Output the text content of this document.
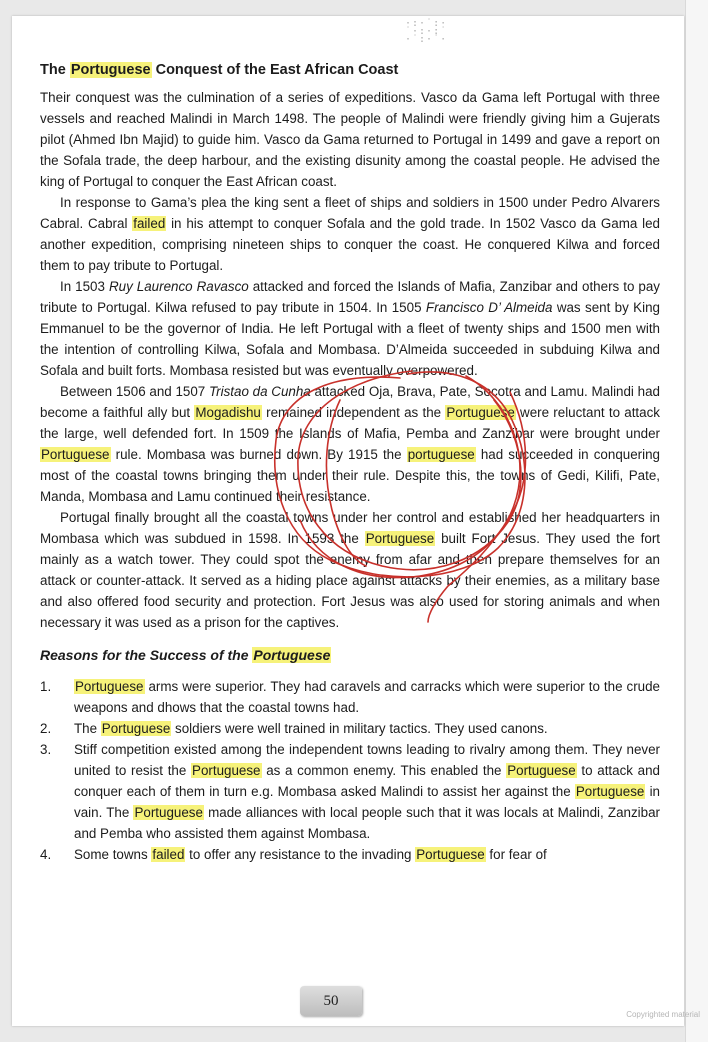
·:·˙:·
˙·:·:˙
·˙:·˙·
The Portuguese Conquest of the East African Coast

Their conquest was the culmination of a series of expeditions. Vasco da Gama left Portugal with three vessels and reached Malindi in March 1498. The people of Malindi were friendly giving him a Gujerats pilot (Ahmed Ibn Majid) to guide him. Vasco da Gama returned to Portugal in 1499 and gave a report on the Sofala trade, the deep harbour, and the existing disunity among the coastal people. He advised the king of Portugal to conquer the East African coast.

In response to Gama’s plea the king sent a fleet of ships and soldiers in 1500 under Pedro Alvarers Cabral. Cabral failed in his attempt to conquer Sofala and the gold trade. In 1502 Vasco da Gama led another expedition, comprising nineteen ships to conquer the coast. He conquered Kilwa and forced them to pay tribute to Portugal.

In 1503 Ruy Laurenco Ravasco attacked and forced the Islands of Mafia, Zanzibar and others to pay tribute to Portugal. Kilwa refused to pay tribute in 1504. In 1505 Francisco D’ Almeida was sent by King Emmanuel to be the governor of India. He left Portugal with a fleet of twenty ships and 1500 men with the intention of controlling Kilwa, Sofala and Mombasa. D’Almeida succeeded in subduing Kilwa and Sofala and built forts. Mombasa resisted but was eventually overpowered.

Between 1506 and 1507 Tristao da Cunha attacked Oja, Brava, Pate, Socotra and Lamu. Malindi had become a faithful ally but Mogadishu remained independent as the Portuguese were reluctant to attack the large, well defended fort. In 1509 the Islands of Mafia, Pemba and Zanzibar were brought under Portuguese rule. Mombasa was burned down. By 1915 the portuguese had succeeded in conquering most of the coastal towns bringing them under their rule. Despite this, the towns of Gedi, Kilifi, Pate, Manda, Mombasa and Lamu continued their resistance.

Portugal finally brought all the coastal towns under her control and established her headquarters in Mombasa which was subdued in 1598. In 1593 the Portuguese built Fort Jesus. They used the fort mainly as a watch tower. They could spot the enemy from afar and then prepare themselves for an attack or counter-attack. It served as a hiding place against attacks by their enemies, as a military base and also offered food security and protection. Fort Jesus was also used for storing animals and when necessary it was used as a prison for the captives.

Reasons for the Success of the Portuguese
1. Portuguese arms were superior. They had caravels and carracks which were superior to the crude weapons and dhows that the coastal towns had.
2. The Portuguese soldiers were well trained in military tactics. They used canons.
3. Stiff competition existed among the independent towns leading to rivalry among them. They never united to resist the Portuguese as a common enemy. This enabled the Portuguese to attack and conquer each of them in turn e.g. Mombasa asked Malindi to assist her against the Portuguese in vain. The Portuguese made alliances with local people such that it was locals at Malindi, Zanzibar and Pemba who assisted them against Mombasa.
4. Some towns failed to offer any resistance to the invading Portuguese for fear of
50
Copyrighted material
